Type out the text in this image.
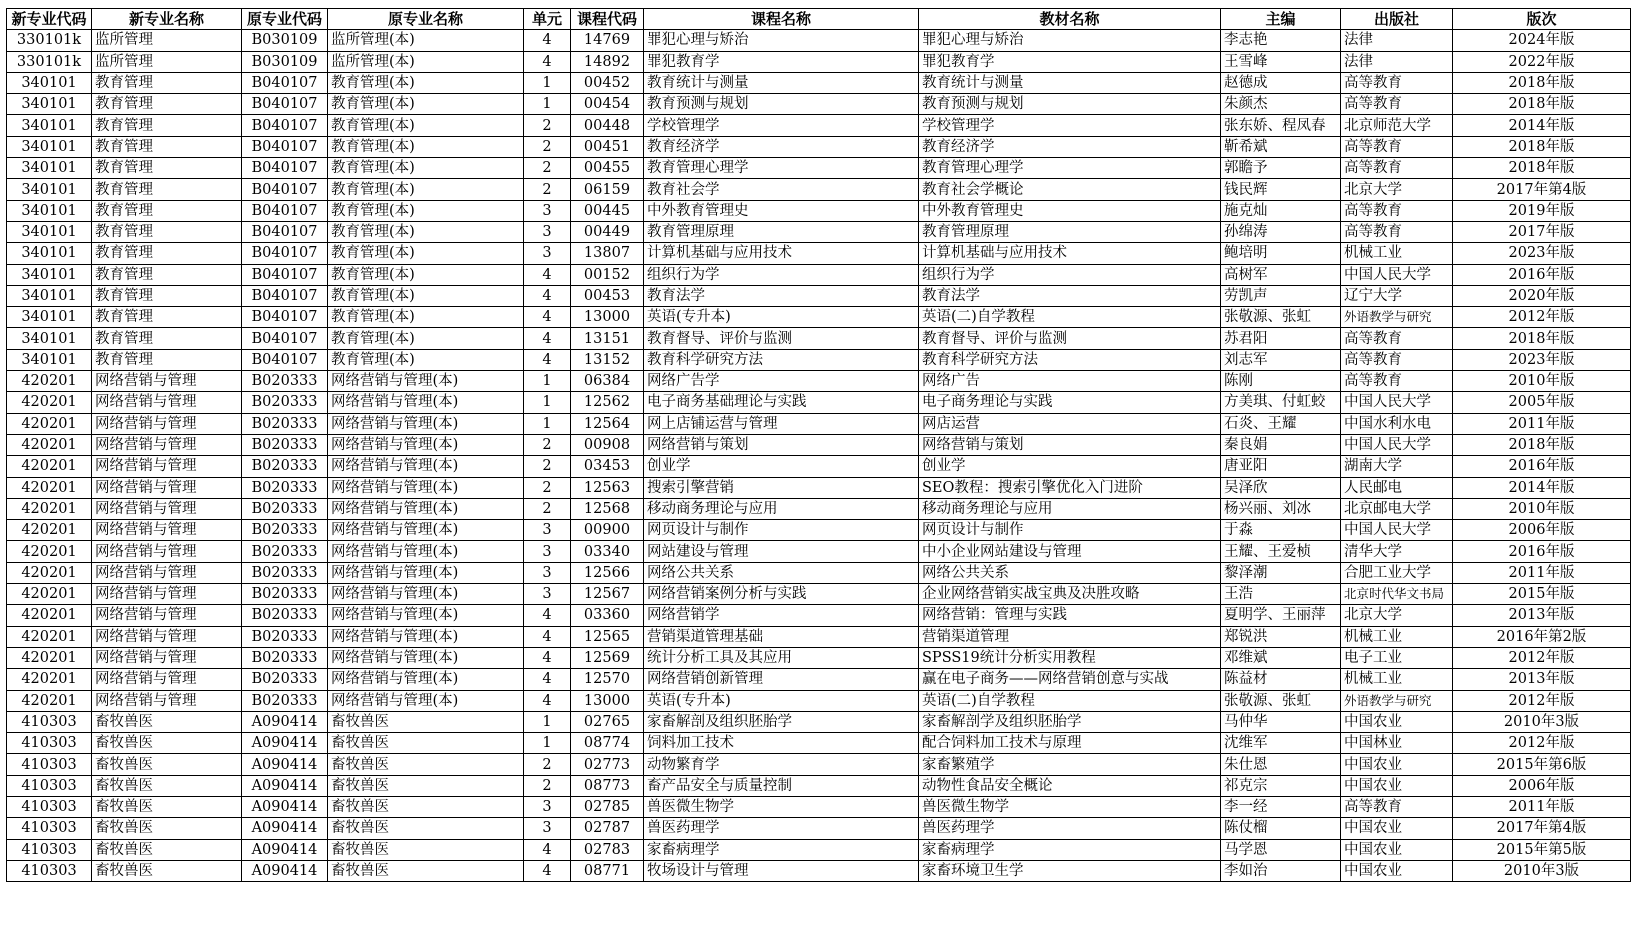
新专业代码	新专业名称	原专业代码	原专业名称	单元	课程代码	课程名称	教材名称	主编	出版社	版次
330101k	监所管理	B030109	监所管理(本)	4	14769	罪犯心理与矫治	罪犯心理与矫治	李志艳	法律	2024年版
330101k	监所管理	B030109	监所管理(本)	4	14892	罪犯教育学	罪犯教育学	王雪峰	法律	2022年版
340101	教育管理	B040107	教育管理(本)	1	00452	教育统计与测量	教育统计与测量	赵德成	高等教育	2018年版
340101	教育管理	B040107	教育管理(本)	1	00454	教育预测与规划	教育预测与规划	朱颜杰	高等教育	2018年版
340101	教育管理	B040107	教育管理(本)	2	00448	学校管理学	学校管理学	张东娇、程凤春	北京师范大学	2014年版
340101	教育管理	B040107	教育管理(本)	2	00451	教育经济学	教育经济学	靳希斌	高等教育	2018年版
340101	教育管理	B040107	教育管理(本)	2	00455	教育管理心理学	教育管理心理学	郭瞻予	高等教育	2018年版
340101	教育管理	B040107	教育管理(本)	2	06159	教育社会学	教育社会学概论	钱民辉	北京大学	2017年第4版
340101	教育管理	B040107	教育管理(本)	3	00445	中外教育管理史	中外教育管理史	施克灿	高等教育	2019年版
340101	教育管理	B040107	教育管理(本)	3	00449	教育管理原理	教育管理原理	孙绵涛	高等教育	2017年版
340101	教育管理	B040107	教育管理(本)	3	13807	计算机基础与应用技术	计算机基础与应用技术	鲍培明	机械工业	2023年版
340101	教育管理	B040107	教育管理(本)	4	00152	组织行为学	组织行为学	高树军	中国人民大学	2016年版
340101	教育管理	B040107	教育管理(本)	4	00453	教育法学	教育法学	劳凯声	辽宁大学	2020年版
340101	教育管理	B040107	教育管理(本)	4	13000	英语(专升本)	英语(二)自学教程	张敬源、张虹	外语教学与研究	2012年版
340101	教育管理	B040107	教育管理(本)	4	13151	教育督导、评价与监测	教育督导、评价与监测	苏君阳	高等教育	2018年版
340101	教育管理	B040107	教育管理(本)	4	13152	教育科学研究方法	教育科学研究方法	刘志军	高等教育	2023年版
420201	网络营销与管理	B020333	网络营销与管理(本)	1	06384	网络广告学	网络广告	陈刚	高等教育	2010年版
420201	网络营销与管理	B020333	网络营销与管理(本)	1	12562	电子商务基础理论与实践	电子商务理论与实践	方美琪、付虹蛟	中国人民大学	2005年版
420201	网络营销与管理	B020333	网络营销与管理(本)	1	12564	网上店铺运营与管理	网店运营	石炎、王耀	中国水利水电	2011年版
420201	网络营销与管理	B020333	网络营销与管理(本)	2	00908	网络营销与策划	网络营销与策划	秦良娟	中国人民大学	2018年版
420201	网络营销与管理	B020333	网络营销与管理(本)	2	03453	创业学	创业学	唐亚阳	湖南大学	2016年版
420201	网络营销与管理	B020333	网络营销与管理(本)	2	12563	搜索引擎营销	SEO教程：搜索引擎优化入门进阶	吴泽欣	人民邮电	2014年版
420201	网络营销与管理	B020333	网络营销与管理(本)	2	12568	移动商务理论与应用	移动商务理论与应用	杨兴丽、刘冰	北京邮电大学	2010年版
420201	网络营销与管理	B020333	网络营销与管理(本)	3	00900	网页设计与制作	网页设计与制作	于淼	中国人民大学	2006年版
420201	网络营销与管理	B020333	网络营销与管理(本)	3	03340	网站建设与管理	中小企业网站建设与管理	王耀、王爱桢	清华大学	2016年版
420201	网络营销与管理	B020333	网络营销与管理(本)	3	12566	网络公共关系	网络公共关系	黎泽潮	合肥工业大学	2011年版
420201	网络营销与管理	B020333	网络营销与管理(本)	3	12567	网络营销案例分析与实践	企业网络营销实战宝典及决胜攻略	王浩	北京时代华文书局	2015年版
420201	网络营销与管理	B020333	网络营销与管理(本)	4	03360	网络营销学	网络营销：管理与实践	夏明学、王丽萍	北京大学	2013年版
420201	网络营销与管理	B020333	网络营销与管理(本)	4	12565	营销渠道管理基础	营销渠道管理	郑锐洪	机械工业	2016年第2版
420201	网络营销与管理	B020333	网络营销与管理(本)	4	12569	统计分析工具及其应用	SPSS19统计分析实用教程	邓维斌	电子工业	2012年版
420201	网络营销与管理	B020333	网络营销与管理(本)	4	12570	网络营销创新管理	赢在电子商务——网络营销创意与实战	陈益材	机械工业	2013年版
420201	网络营销与管理	B020333	网络营销与管理(本)	4	13000	英语(专升本)	英语(二)自学教程	张敬源、张虹	外语教学与研究	2012年版
410303	畜牧兽医	A090414	畜牧兽医	1	02765	家畜解剖及组织胚胎学	家畜解剖学及组织胚胎学	马仲华	中国农业	2010年3版
410303	畜牧兽医	A090414	畜牧兽医	1	08774	饲料加工技术	配合饲料加工技术与原理	沈维军	中国林业	2012年版
410303	畜牧兽医	A090414	畜牧兽医	2	02773	动物繁育学	家畜繁殖学	朱仕恩	中国农业	2015年第6版
410303	畜牧兽医	A090414	畜牧兽医	2	08773	畜产品安全与质量控制	动物性食品安全概论	祁克宗	中国农业	2006年版
410303	畜牧兽医	A090414	畜牧兽医	3	02785	兽医微生物学	兽医微生物学	李一经	高等教育	2011年版
410303	畜牧兽医	A090414	畜牧兽医	3	02787	兽医药理学	兽医药理学	陈仗榴	中国农业	2017年第4版
410303	畜牧兽医	A090414	畜牧兽医	4	02783	家畜病理学	家畜病理学	马学恩	中国农业	2015年第5版
410303	畜牧兽医	A090414	畜牧兽医	4	08771	牧场设计与管理	家畜环境卫生学	李如治	中国农业	2010年3版
